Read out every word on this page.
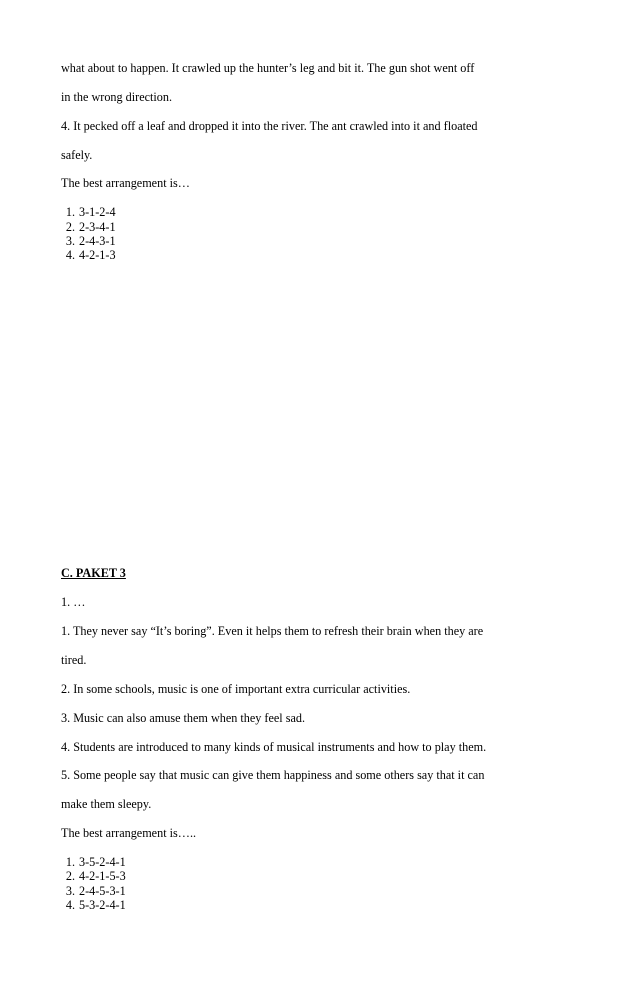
what about to happen. It crawled up the hunter’s leg and bit it. The gun shot went off
in the wrong direction.
4. It pecked off a leaf and dropped it into the river. The ant crawled into it and floated
safely.
The best arrangement is…
1. 3-1-2-4
2. 2-3-4-1
3. 2-4-3-1
4. 4-2-1-3
C. PAKET 3
1. …
1. They never say “It’s boring”. Even it helps them to refresh their brain when they are
tired.
2. In some schools, music is one of important extra curricular activities.
3. Music can also amuse them when they feel sad.
4. Students are introduced to many kinds of musical instruments and how to play them.
5. Some people say that music can give them happiness and some others say that it can
make them sleepy.
The best arrangement is…..
1. 3-5-2-4-1
2. 4-2-1-5-3
3. 2-4-5-3-1
4. 5-3-2-4-1
